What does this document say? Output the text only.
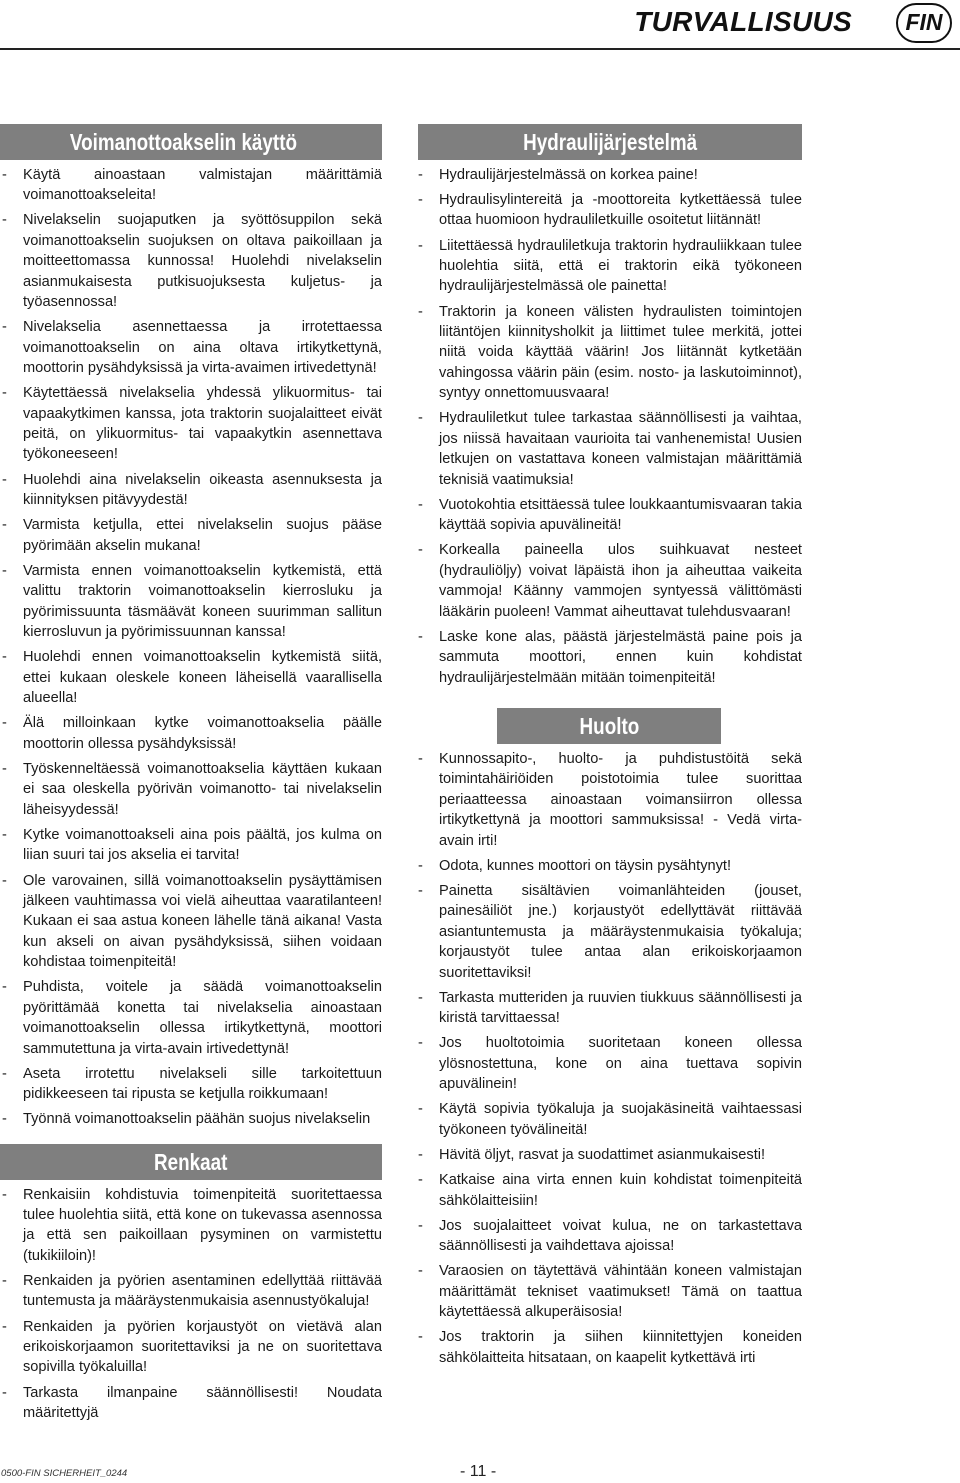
TURVALLISUUS	FIN
Voimanottoakselin käyttö
- Käytä ainoastaan valmistajan määrittämiä voimanottoakseleita!
- Nivelakselin suojaputken ja syöttösuppilon sekä voimanottoakselin suojuksen on oltava paikoillaan ja moitteettomassa kunnossa! Huolehdi nivelakselin asianmukaisesta putkisuojuksesta kuljetus- ja työasennossa!
- Nivelakselia asennettaessa ja irrotettaessa voimanottoakselin on aina oltava irtikytkettynä, moottorin pysähdyksissä ja virta-avaimen irtivedettynä!
- Käytettäessä nivelakselia yhdessä ylikuormitus- tai vapaakytkimen kanssa, jota traktorin suojalaitteet eivät peitä, on ylikuormitus- tai vapaakytkin asennettava työkoneeseen!
- Huolehdi aina nivelakselin oikeasta asennuksesta ja kiinnityksen pitävyydestä!
- Varmista ketjulla, ettei nivelakselin suojus pääse pyörimään akselin mukana!
- Varmista ennen voimanottoakselin kytkemistä, että valittu traktorin voimanottoakselin kierrosluku ja pyörimissuunta täsmäävät koneen suurimman sallitun kierrosluvun ja pyörimissuunnan kanssa!
- Huolehdi ennen voimanottoakselin kytkemistä siitä, ettei kukaan oleskele koneen läheisellä vaarallisella alueella!
- Älä milloinkaan kytke voimanottoakselia päälle moottorin ollessa pysähdyksissä!
- Työskenneltäessä voimanottoakselia käyttäen kukaan ei saa oleskella pyörivän voimanotto- tai nivelakselin läheisyydessä!
- Kytke voimanottoakseli aina pois päältä, jos kulma on liian suuri tai jos akselia ei tarvita!
- Ole varovainen, sillä voimanottoakselin pysäyttämisen jälkeen vauhtimassa voi vielä aiheuttaa vaaratilanteen! Kukaan ei saa astua koneen lähelle tänä aikana! Vasta kun akseli on aivan pysähdyksissä, siihen voidaan kohdistaa toimenpiteitä!
- Puhdista, voitele ja säädä voimanottoakselin pyörittämää konetta tai nivelakselia ainoastaan voimanottoakselin ollessa irtikytkettynä, moottori sammutettuna ja virta-avain irtivedettynä!
- Aseta irrotettu nivelakseli sille tarkoitettuun pidikkeeseen tai ripusta se ketjulla roikkumaan!
- Työnnä voimanottoakselin päähän suojus nivelakselin
Renkaat
- Renkaisiin kohdistuvia toimenpiteitä suoritettaessa tulee huolehtia siitä, että kone on tukevassa asennossa ja että sen paikoillaan pysyminen on varmistettu (tukikiiloin)!
- Renkaiden ja pyörien asentaminen edellyttää riittävää tuntemusta ja määräystenmukaisia asennustyökaluja!
- Renkaiden ja pyörien korjaustyöt on vietävä alan erikoiskorjaamon suoritettaviksi ja ne on suoritettava sopivilla työkaluilla!
- Tarkasta ilmanpaine säännöllisesti! Noudata määritettyjä
Hydraulijärjestelmä
- Hydraulijärjestelmässä on korkea paine!
- Hydraulisylintereitä ja -moottoreita kytkettäessä tulee ottaa huomioon hydrauliletkuille osoitetut liitännät!
- Liitettäessä hydrauliletkuja traktorin hydrauliikkaan tulee huolehtia siitä, että ei traktorin eikä työkoneen hydraulijärjestelmässä ole painetta!
- Traktorin ja koneen välisten hydraulisten toimintojen liitäntöjen kiinnitysholkit ja liittimet tulee merkitä, jottei niitä voida käyttää väärin! Jos liitännät kytketään vahingossa väärin päin (esim. nosto- ja laskutoiminnot), syntyy onnettomuusvaara!
- Hydrauliletkut tulee tarkastaa säännöllisesti ja vaihtaa, jos niissä havaitaan vaurioita tai vanhenemista! Uusien letkujen on vastattava koneen valmistajan määrittämiä teknisiä vaatimuksia!
- Vuotokohtia etsittäessä tulee loukkaantumisvaaran takia käyttää sopivia apuvälineitä!
- Korkealla paineella ulos suihkuavat nesteet (hydrauliöljy) voivat läpäistä ihon ja aiheuttaa vaikeita vammoja! Käänny vammojen syntyessä välittömästi lääkärin puoleen! Vammat aiheuttavat tulehdusvaaran!
- Laske kone alas, päästä järjestelmästä paine pois ja sammuta moottori, ennen kuin kohdistat hydraulijärjestelmään mitään toimenpiteitä!
Huolto
- Kunnossapito-, huolto- ja puhdistustöitä sekä toimintahäiriöiden poistotoimia tulee suorittaa periaatteessa ainoastaan voimansiirron ollessa irtikytkettynä ja moottori sammuksissa! - Vedä virta-avain irti!
- Odota, kunnes moottori on täysin pysähtynyt!
- Painetta sisältävien voimanlähteiden (jouset, painesäiliöt jne.) korjaustyöt edellyttävät riittävää asiantuntemusta ja määräystenmukaisia työkaluja; korjaustyöt tulee antaa alan erikoiskorjaamon suoritettaviksi!
- Tarkasta mutteriden ja ruuvien tiukkuus säännöllisesti ja kiristä tarvittaessa!
- Jos huoltotoimia suoritetaan koneen ollessa ylösnostettuna, kone on aina tuettava sopivin apuvälinein!
- Käytä sopivia työkaluja ja suojakäsineitä vaihtaessasi työkoneen työvälineitä!
- Hävitä öljyt, rasvat ja suodattimet asianmukaisesti!
- Katkaise aina virta ennen kuin kohdistat toimenpiteitä sähkölaitteisiin!
- Jos suojalaitteet voivat kulua, ne on tarkastettava säännöllisesti ja vaihdettava ajoissa!
- Varaosien on täytettävä vähintään koneen valmistajan määrittämät tekniset vaatimukset! Tämä on taattua käytettäessä alkuperäisosia!
- Jos traktorin ja siihen kiinnitettyjen koneiden sähkölaitteita hitsataan, on kaapelit kytkettävä irti
0500-FIN SICHERHEIT_0244	- 11 -
